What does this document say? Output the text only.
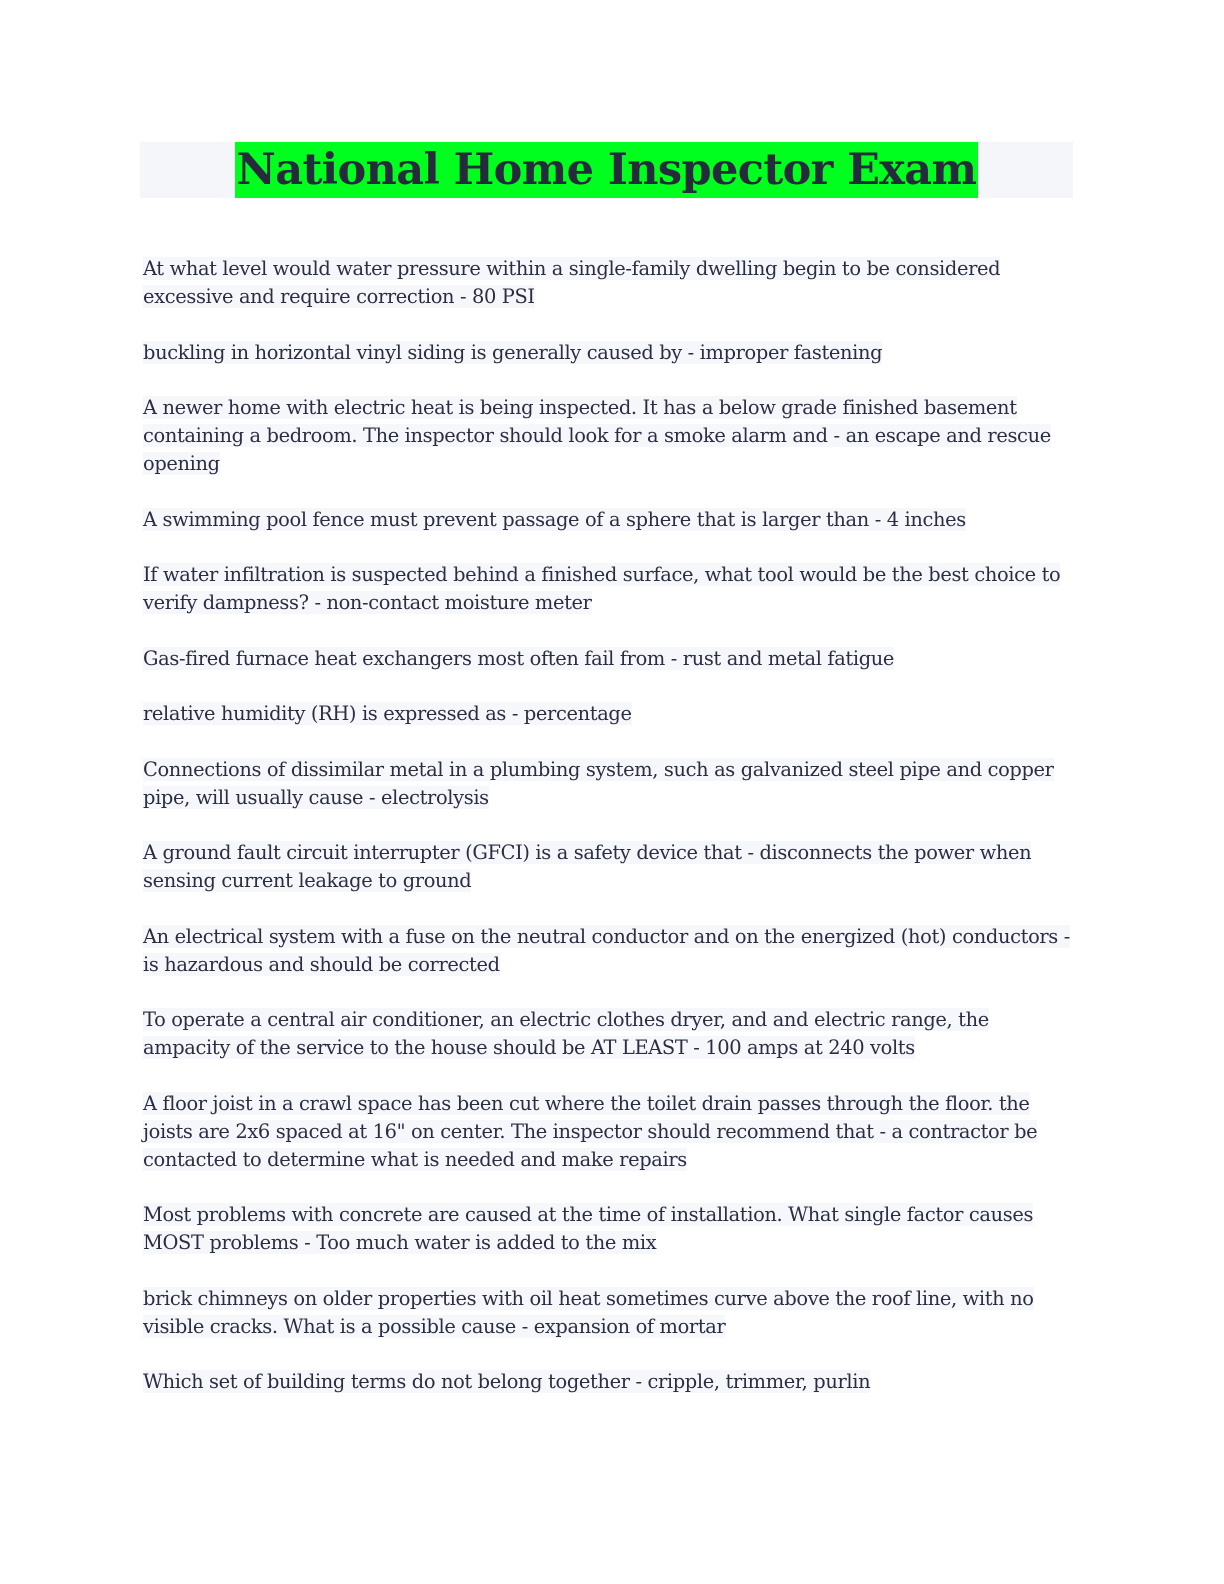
National Home Inspector Exam

At what level would water pressure within a single-family dwelling begin to be considered excessive and require correction - 80 PSI

buckling in horizontal vinyl siding is generally caused by - improper fastening

A newer home with electric heat is being inspected. It has a below grade finished basement containing a bedroom. The inspector should look for a smoke alarm and - an escape and rescue opening

A swimming pool fence must prevent passage of a sphere that is larger than - 4 inches

If water infiltration is suspected behind a finished surface, what tool would be the best choice to verify dampness? - non-contact moisture meter

Gas-fired furnace heat exchangers most often fail from - rust and metal fatigue

relative humidity (RH) is expressed as - percentage

Connections of dissimilar metal in a plumbing system, such as galvanized steel pipe and copper pipe, will usually cause - electrolysis

A ground fault circuit interrupter (GFCI) is a safety device that - disconnects the power when sensing current leakage to ground

An electrical system with a fuse on the neutral conductor and on the energized (hot) conductors - is hazardous and should be corrected

To operate a central air conditioner, an electric clothes dryer, and and electric range, the ampacity of the service to the house should be AT LEAST - 100 amps at 240 volts

A floor joist in a crawl space has been cut where the toilet drain passes through the floor. the joists are 2x6 spaced at 16" on center. The inspector should recommend that - a contractor be contacted to determine what is needed and make repairs

Most problems with concrete are caused at the time of installation. What single factor causes MOST problems - Too much water is added to the mix

brick chimneys on older properties with oil heat sometimes curve above the roof line, with no visible cracks. What is a possible cause - expansion of mortar

Which set of building terms do not belong together - cripple, trimmer, purlin
